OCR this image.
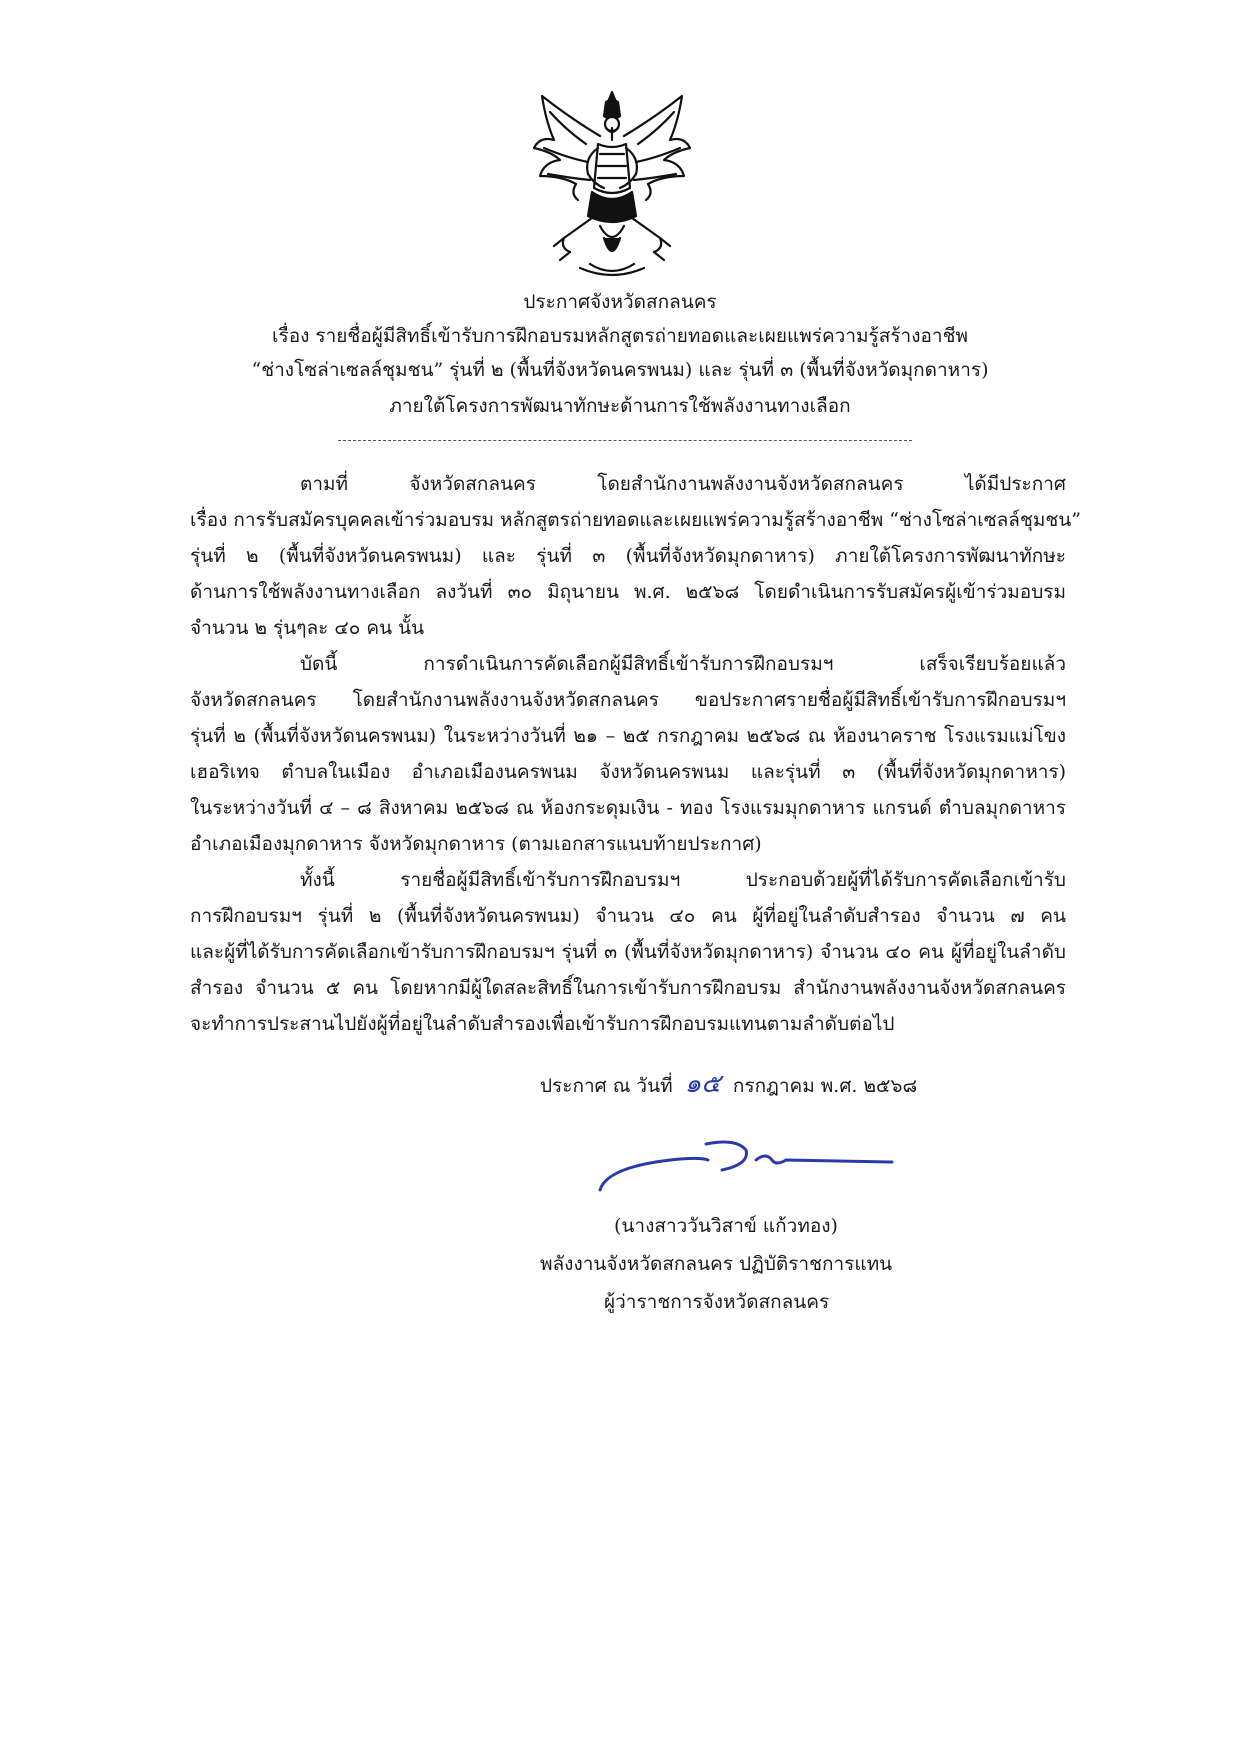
ประกาศจังหวัดสกลนคร
เรื่อง รายชื่อผู้มีสิทธิ์เข้ารับการฝึกอบรมหลักสูตรถ่ายทอดและเผยแพร่ความรู้สร้างอาชีพ
“ช่างโซล่าเซลล์ชุมชน” รุ่นที่ ๒ (พื้นที่จังหวัดนครพนม) และ รุ่นที่ ๓ (พื้นที่จังหวัดมุกดาหาร)
ภายใต้โครงการพัฒนาทักษะด้านการใช้พลังงานทางเลือก
ตามที่ จังหวัดสกลนคร โดยสำนักงานพลังงานจังหวัดสกลนคร ได้มีประกาศ
เรื่อง การรับสมัครบุคคลเข้าร่วมอบรม หลักสูตรถ่ายทอดและเผยแพร่ความรู้สร้างอาชีพ “ช่างโซล่าเซลล์ชุมชน”
รุ่นที่ ๒ (พื้นที่จังหวัดนครพนม) และ รุ่นที่ ๓ (พื้นที่จังหวัดมุกดาหาร) ภายใต้โครงการพัฒนาทักษะ
ด้านการใช้พลังงานทางเลือก ลงวันที่ ๓๐ มิถุนายน พ.ศ. ๒๕๖๘ โดยดำเนินการรับสมัครผู้เข้าร่วมอบรม
จำนวน ๒ รุ่นๆละ ๔๐ คน นั้น
บัดนี้ การดำเนินการคัดเลือกผู้มีสิทธิ์เข้ารับการฝึกอบรมฯ เสร็จเรียบร้อยแล้ว
จังหวัดสกลนคร โดยสำนักงานพลังงานจังหวัดสกลนคร ขอประกาศรายชื่อผู้มีสิทธิ์เข้ารับการฝึกอบรมฯ
รุ่นที่ ๒ (พื้นที่จังหวัดนครพนม) ในระหว่างวันที่ ๒๑ – ๒๕ กรกฎาคม ๒๕๖๘ ณ ห้องนาคราช โรงแรมแม่โขง
เฮอริเทจ ตำบลในเมือง อำเภอเมืองนครพนม จังหวัดนครพนม และรุ่นที่ ๓ (พื้นที่จังหวัดมุกดาหาร)
ในระหว่างวันที่ ๔ – ๘ สิงหาคม ๒๕๖๘ ณ ห้องกระดุมเงิน - ทอง โรงแรมมุกดาหาร แกรนด์ ตำบลมุกดาหาร
อำเภอเมืองมุกดาหาร จังหวัดมุกดาหาร (ตามเอกสารแนบท้ายประกาศ)
ทั้งนี้ รายชื่อผู้มีสิทธิ์เข้ารับการฝึกอบรมฯ ประกอบด้วยผู้ที่ได้รับการคัดเลือกเข้ารับ
การฝึกอบรมฯ รุ่นที่ ๒ (พื้นที่จังหวัดนครพนม) จำนวน ๔๐ คน ผู้ที่อยู่ในลำดับสำรอง จำนวน ๗ คน
และผู้ที่ได้รับการคัดเลือกเข้ารับการฝึกอบรมฯ รุ่นที่ ๓ (พื้นที่จังหวัดมุกดาหาร) จำนวน ๔๐ คน ผู้ที่อยู่ในลำดับ
สำรอง จำนวน ๕ คน โดยหากมีผู้ใดสละสิทธิ์ในการเข้ารับการฝึกอบรม สำนักงานพลังงานจังหวัดสกลนคร
จะทำการประสานไปยังผู้ที่อยู่ในลำดับสำรองเพื่อเข้ารับการฝึกอบรมแทนตามลำดับต่อไป
ประกาศ ณ วันที่ ๑๕ กรกฎาคม พ.ศ. ๒๕๖๘
(นางสาววันวิสาข์ แก้วทอง)
พลังงานจังหวัดสกลนคร ปฏิบัติราชการแทน
ผู้ว่าราชการจังหวัดสกลนคร
